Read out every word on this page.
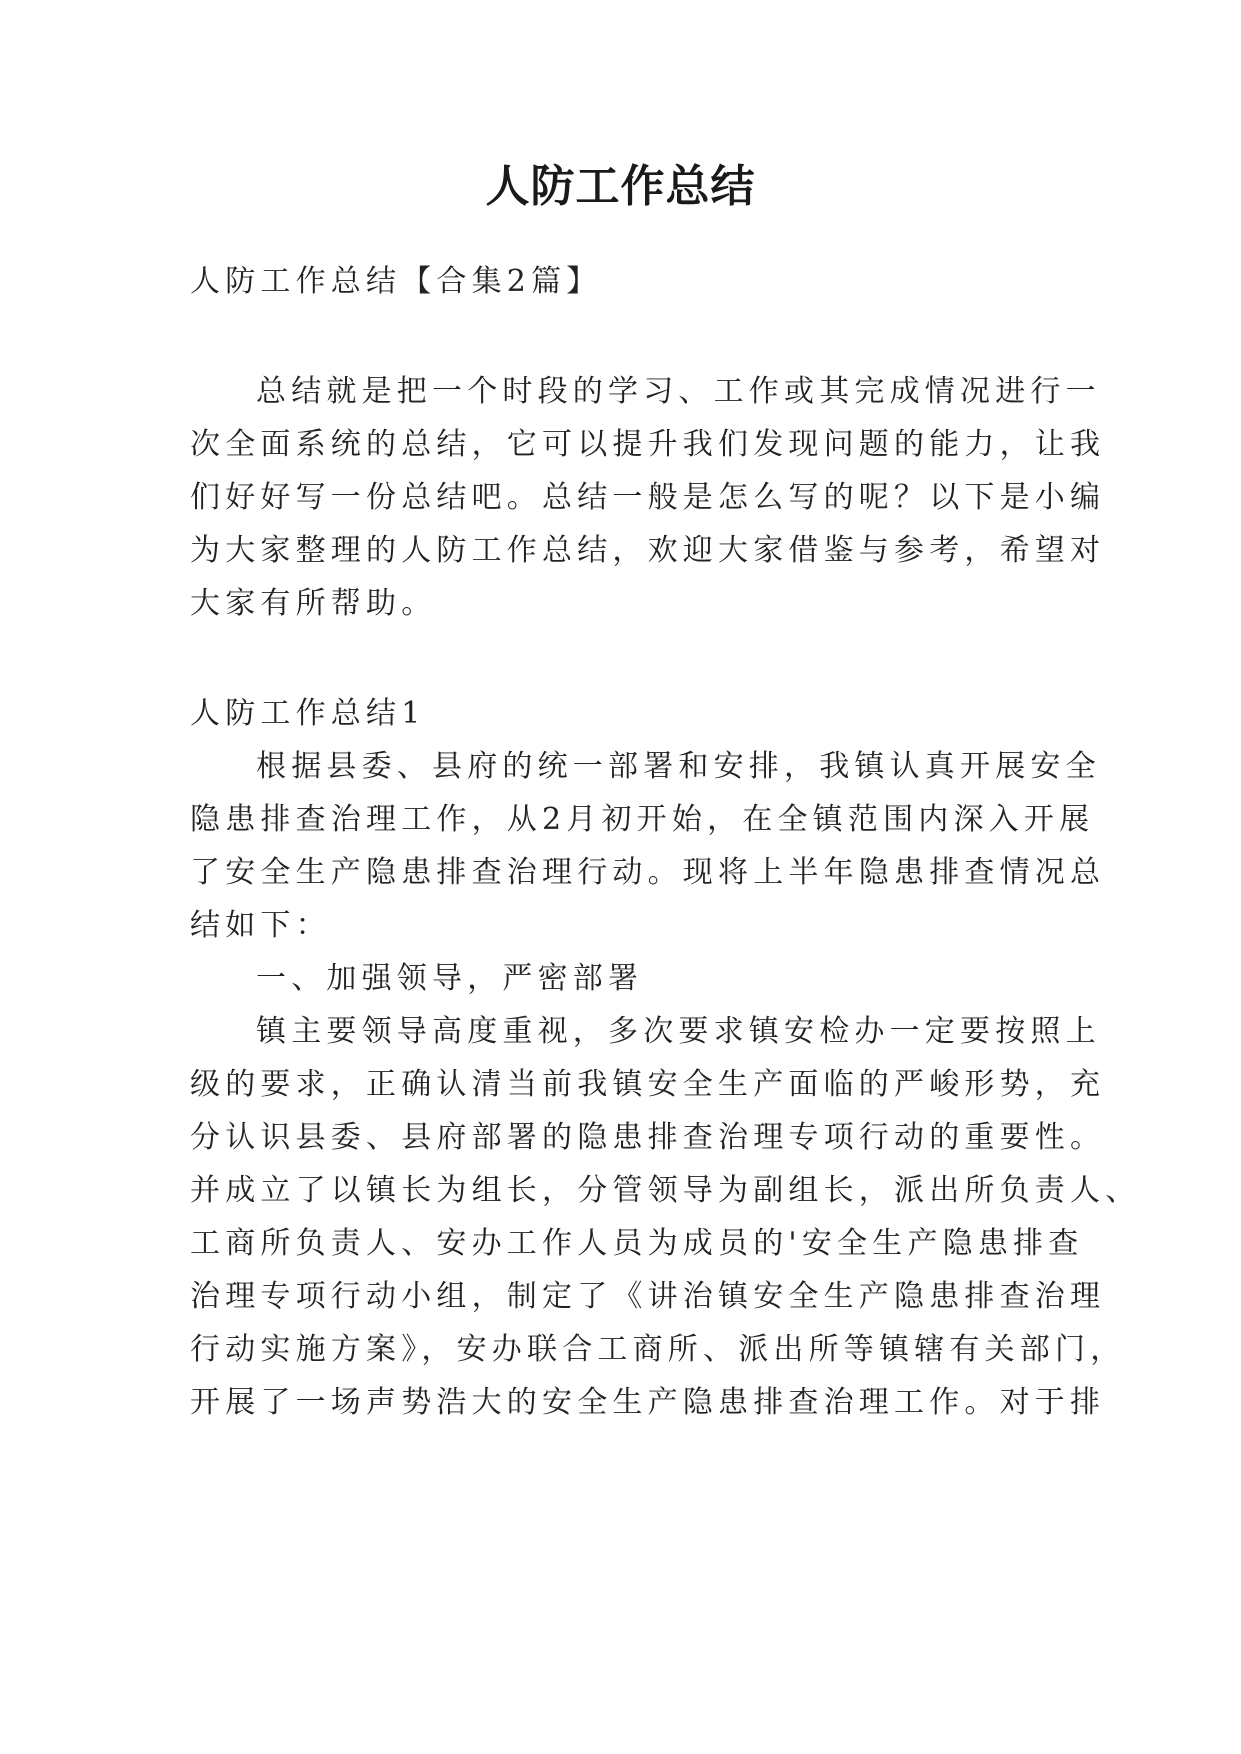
人防工作总结
人防工作总结【合集2篇】
总结就是把一个时段的学习、工作或其完成情况进行一
次全面系统的总结，它可以提升我们发现问题的能力，让我
们好好写一份总结吧。总结一般是怎么写的呢？以下是小编
为大家整理的人防工作总结，欢迎大家借鉴与参考，希望对
大家有所帮助。
人防工作总结1
根据县委、县府的统一部署和安排，我镇认真开展安全
隐患排查治理工作，从2月初开始，在全镇范围内深入开展
了安全生产隐患排查治理行动。现将上半年隐患排查情况总
结如下：
一、加强领导，严密部署
镇主要领导高度重视，多次要求镇安检办一定要按照上
级的要求，正确认清当前我镇安全生产面临的严峻形势，充
分认识县委、县府部署的隐患排查治理专项行动的重要性。
并成立了以镇长为组长，分管领导为副组长，派出所负责人、
工商所负责人、安办工作人员为成员的'安全生产隐患排查
治理专项行动小组，制定了《讲治镇安全生产隐患排查治理
行动实施方案》，安办联合工商所、派出所等镇辖有关部门，
开展了一场声势浩大的安全生产隐患排查治理工作。对于排
